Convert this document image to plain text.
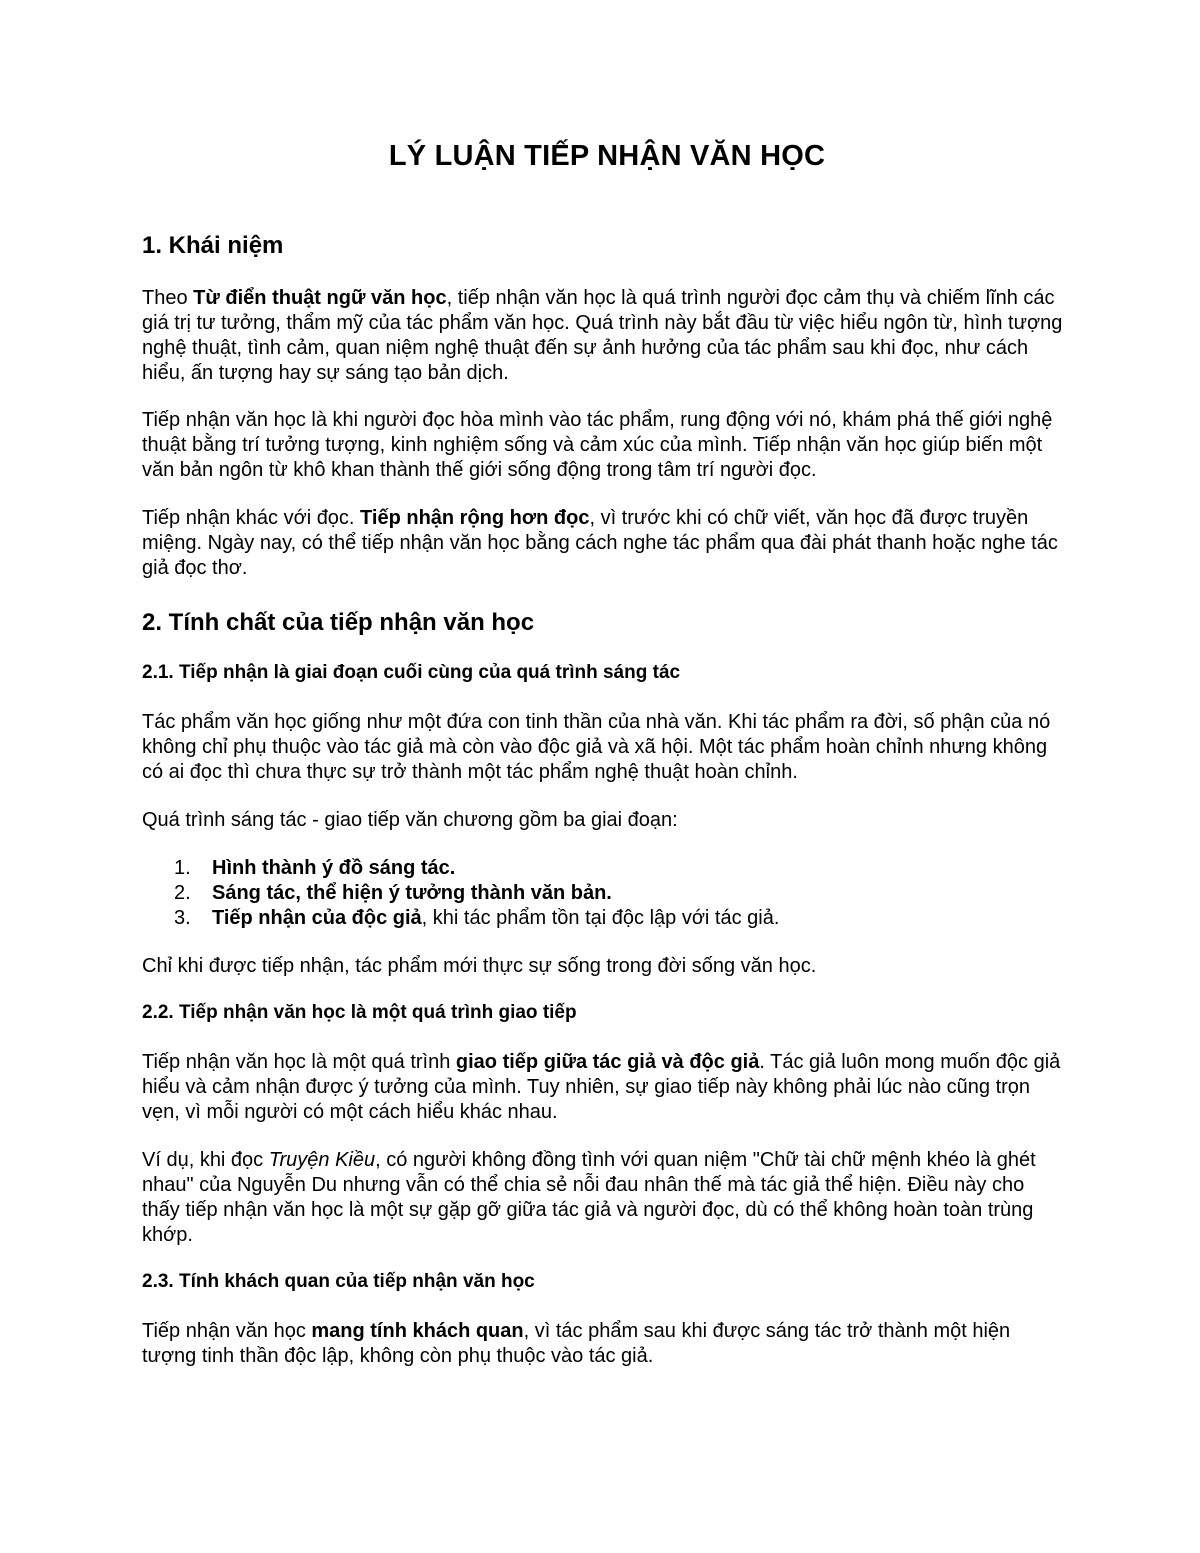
LÝ LUẬN TIẾP NHẬN VĂN HỌC
1. Khái niệm

Theo Từ điển thuật ngữ văn học, tiếp nhận văn học là quá trình người đọc cảm thụ và chiếm lĩnh các giá trị tư tưởng, thẩm mỹ của tác phẩm văn học. Quá trình này bắt đầu từ việc hiểu ngôn từ, hình tượng nghệ thuật, tình cảm, quan niệm nghệ thuật đến sự ảnh hưởng của tác phẩm sau khi đọc, như cách hiểu, ấn tượng hay sự sáng tạo bản dịch.

Tiếp nhận văn học là khi người đọc hòa mình vào tác phẩm, rung động với nó, khám phá thế giới nghệ thuật bằng trí tưởng tượng, kinh nghiệm sống và cảm xúc của mình. Tiếp nhận văn học giúp biến một văn bản ngôn từ khô khan thành thế giới sống động trong tâm trí người đọc.

Tiếp nhận khác với đọc. Tiếp nhận rộng hơn đọc, vì trước khi có chữ viết, văn học đã được truyền miệng. Ngày nay, có thể tiếp nhận văn học bằng cách nghe tác phẩm qua đài phát thanh hoặc nghe tác giả đọc thơ.

2. Tính chất của tiếp nhận văn học
2.1. Tiếp nhận là giai đoạn cuối cùng của quá trình sáng tác

Tác phẩm văn học giống như một đứa con tinh thần của nhà văn. Khi tác phẩm ra đời, số phận của nó không chỉ phụ thuộc vào tác giả mà còn vào độc giả và xã hội. Một tác phẩm hoàn chỉnh nhưng không có ai đọc thì chưa thực sự trở thành một tác phẩm nghệ thuật hoàn chỉnh.

Quá trình sáng tác - giao tiếp văn chương gồm ba giai đoạn:

1. Hình thành ý đồ sáng tác.
2. Sáng tác, thể hiện ý tưởng thành văn bản.
3. Tiếp nhận của độc giả, khi tác phẩm tồn tại độc lập với tác giả.

Chỉ khi được tiếp nhận, tác phẩm mới thực sự sống trong đời sống văn học.

2.2. Tiếp nhận văn học là một quá trình giao tiếp

Tiếp nhận văn học là một quá trình giao tiếp giữa tác giả và độc giả. Tác giả luôn mong muốn độc giả hiểu và cảm nhận được ý tưởng của mình. Tuy nhiên, sự giao tiếp này không phải lúc nào cũng trọn vẹn, vì mỗi người có một cách hiểu khác nhau.

Ví dụ, khi đọc Truyện Kiều, có người không đồng tình với quan niệm "Chữ tài chữ mệnh khéo là ghét nhau" của Nguyễn Du nhưng vẫn có thể chia sẻ nỗi đau nhân thế mà tác giả thể hiện. Điều này cho thấy tiếp nhận văn học là một sự gặp gỡ giữa tác giả và người đọc, dù có thể không hoàn toàn trùng khớp.

2.3. Tính khách quan của tiếp nhận văn học

Tiếp nhận văn học mang tính khách quan, vì tác phẩm sau khi được sáng tác trở thành một hiện tượng tinh thần độc lập, không còn phụ thuộc vào tác giả.
